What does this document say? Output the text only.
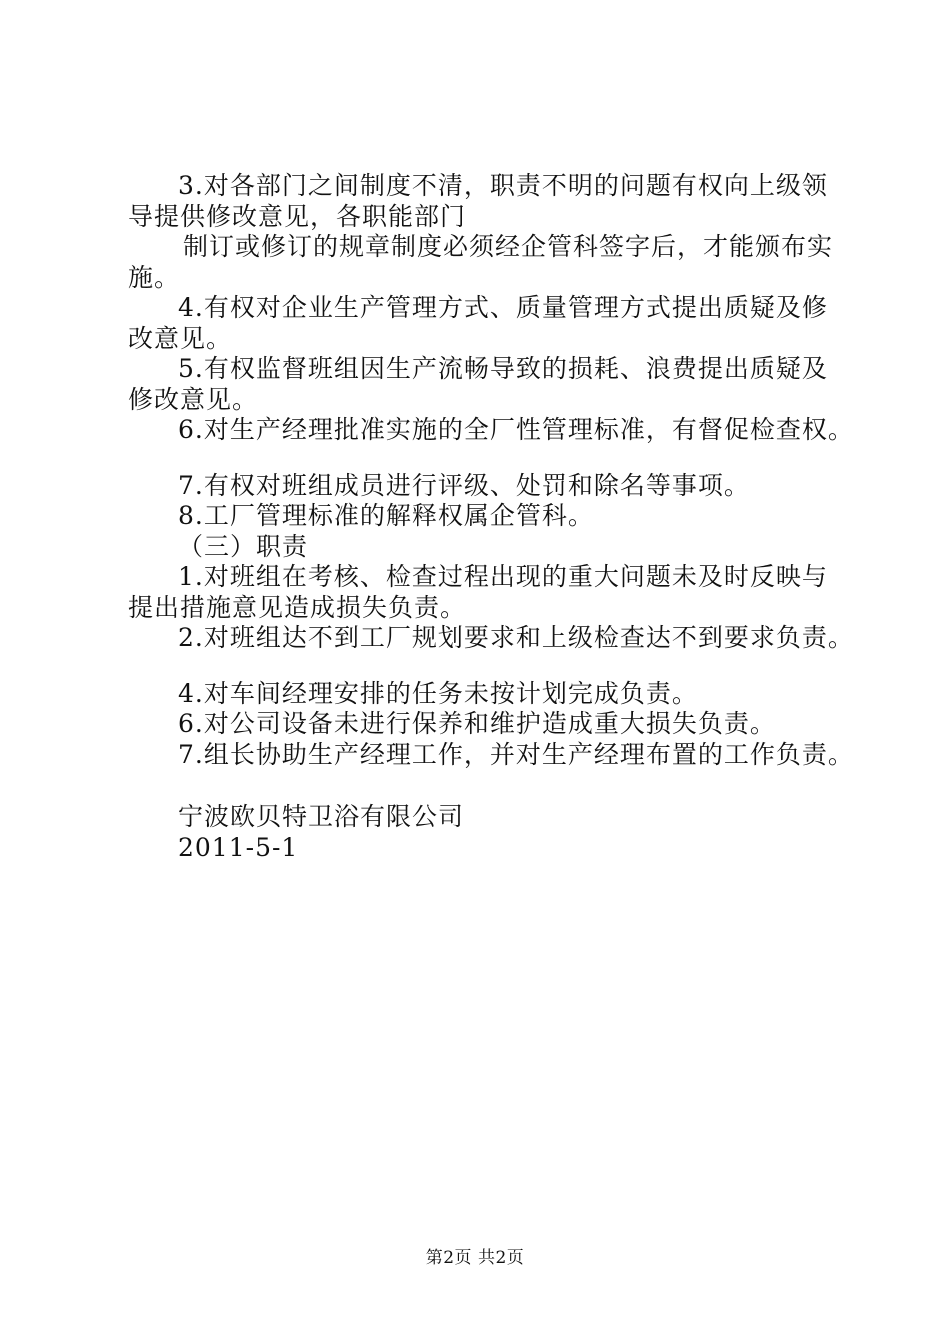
3.对各部门之间制度不清，职责不明的问题有权向上级领
导提供修改意见，各职能部门
制订或修订的规章制度必须经企管科签字后，才能颁布实
施。
4.有权对企业生产管理方式、质量管理方式提出质疑及修
改意见。
5.有权监督班组因生产流畅导致的损耗、浪费提出质疑及
修改意见。
6.对生产经理批准实施的全厂性管理标准，有督促检查权。
7.有权对班组成员进行评级、处罚和除名等事项。
8.工厂管理标准的解释权属企管科。
（三）职责
1.对班组在考核、检查过程出现的重大问题未及时反映与
提出措施意见造成损失负责。
2.对班组达不到工厂规划要求和上级检查达不到要求负责。
4.对车间经理安排的任务未按计划完成负责。
6.对公司设备未进行保养和维护造成重大损失负责。
7.组长协助生产经理工作，并对生产经理布置的工作负责。
宁波欧贝特卫浴有限公司
2011-5-1
第2页 共2页
